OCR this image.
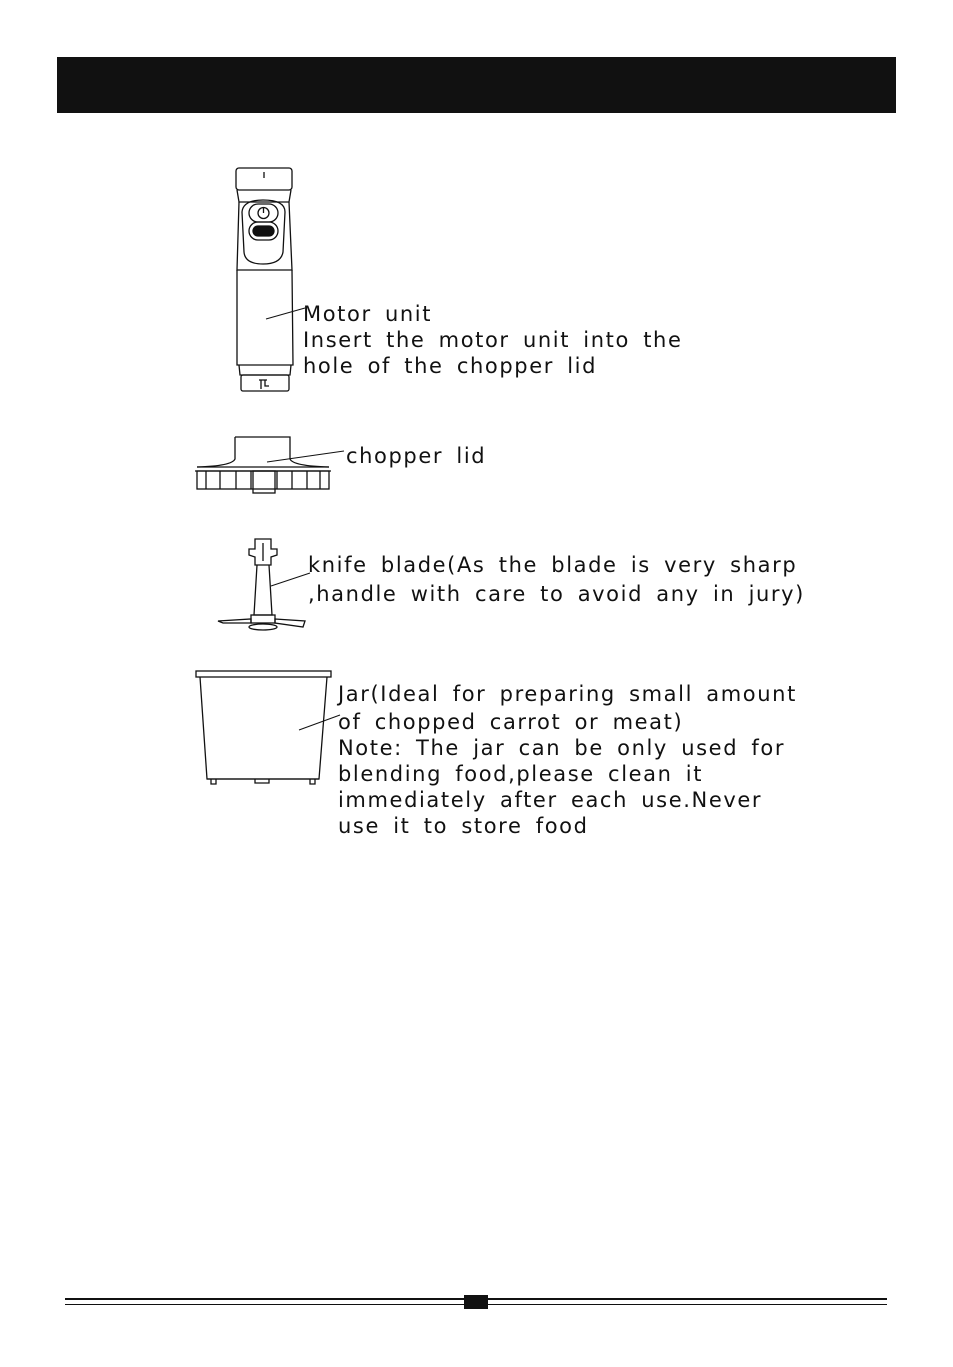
Motor unit
Insert the motor unit into the
hole of the chopper lid
chopper lid
knife blade(As the blade is very sharp
,handle with care to avoid any in jury)
Jar(Ideal for preparing small amount
of chopped carrot or meat)
Note: The jar can be only used for
blending food,please clean it
immediately after each use.Never
use it to store food
